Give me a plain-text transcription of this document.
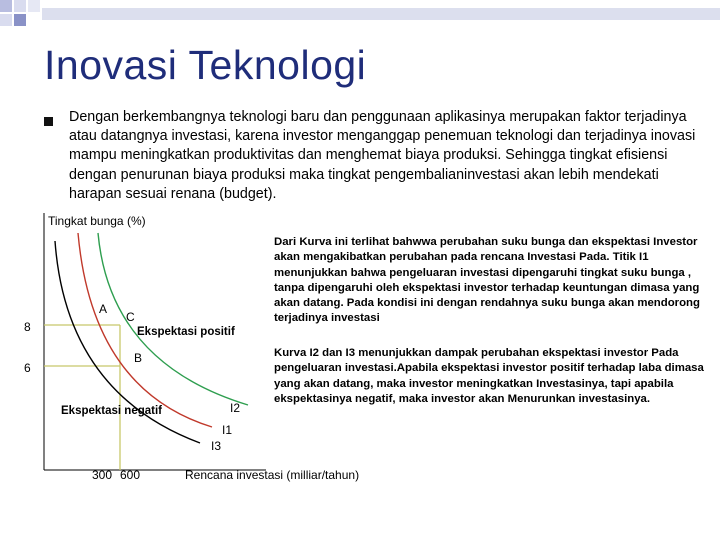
Inovasi Teknologi
Dengan berkembangnya teknologi baru dan penggunaan aplikasinya merupakan faktor terjadinya atau datangnya investasi, karena investor menganggap penemuan teknologi dan terjadinya inovasi mampu meningkatkan produktivitas dan menghemat biaya produksi. Sehingga tingkat efisiensi dengan penurunan biaya produksi maka tingkat pengembalianinvestasi akan lebih mendekati harapan sesuai renana (budget).
Tingkat bunga (%)
8
6
300 600
A
C
B
I2
I1
I3
Ekspektasi positif
Ekspektasi negatif
Rencana investasi (milliar/tahun)
Dari Kurva ini terlihat bahwwa perubahan suku bunga dan ekspektasi Investor akan mengakibatkan perubahan pada rencana Investasi Pada. Titik I1 menunjukkan bahwa pengeluaran investasi dipengaruhi tingkat suku bunga , tanpa dipengaruhi oleh ekspektasi investor terhadap keuntungan dimasa yang akan datang. Pada kondisi ini dengan rendahnya suku bunga akan mendorong terjadinya investasi
Kurva I2 dan I3 menunjukkan dampak perubahan ekspektasi investor Pada pengeluaran investasi.Apabila ekspektasi investor positif terhadap laba dimasa yang akan datang, maka investor meningkatkan Investasinya, tapi apabila ekspektasinya negatif, maka investor akan Menurunkan investasinya.
